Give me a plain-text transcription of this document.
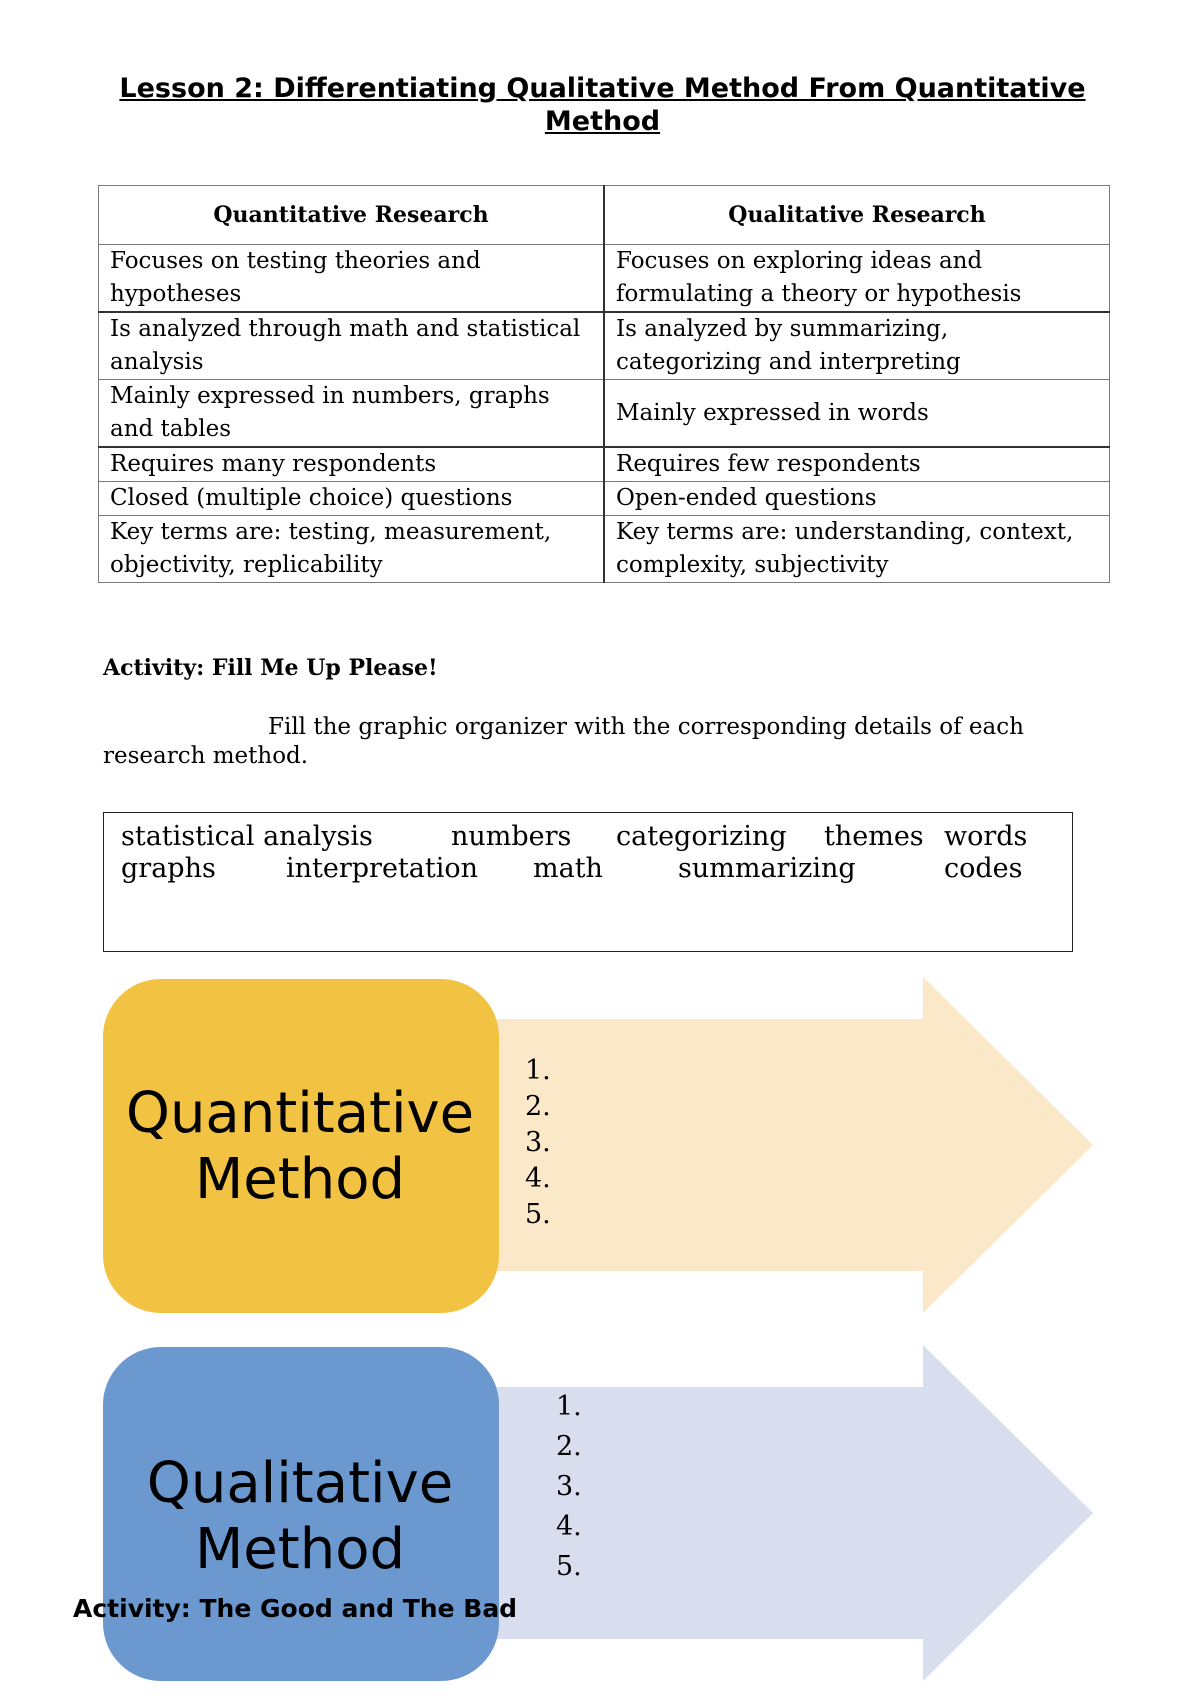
Lesson 2: Differentiating Qualitative Method From Quantitative Method
Quantitative Research	Qualitative Research
Focuses on testing theories and hypotheses	Focuses on exploring ideas and formulating a theory or hypothesis
Is analyzed through math and statistical analysis	Is analyzed by summarizing, categorizing and interpreting
Mainly expressed in numbers, graphs and tables	Mainly expressed in words
Requires many respondents	Requires few respondents
Closed (multiple choice) questions	Open-ended questions
Key terms are: testing, measurement, objectivity, replicability	Key terms are: understanding, context, complexity, subjectivity

Activity: Fill Me Up Please!

Fill the graphic organizer with the corresponding details of each research method.

statistical analysis	numbers categorizing themes words
graphs	interpretation math	summarizing	codes
Quantitative
Method
1.
2.
3.
4.
5.
Qualitative
Method
1.
2.
3.
4.
5.

Activity: The Good and The Bad
